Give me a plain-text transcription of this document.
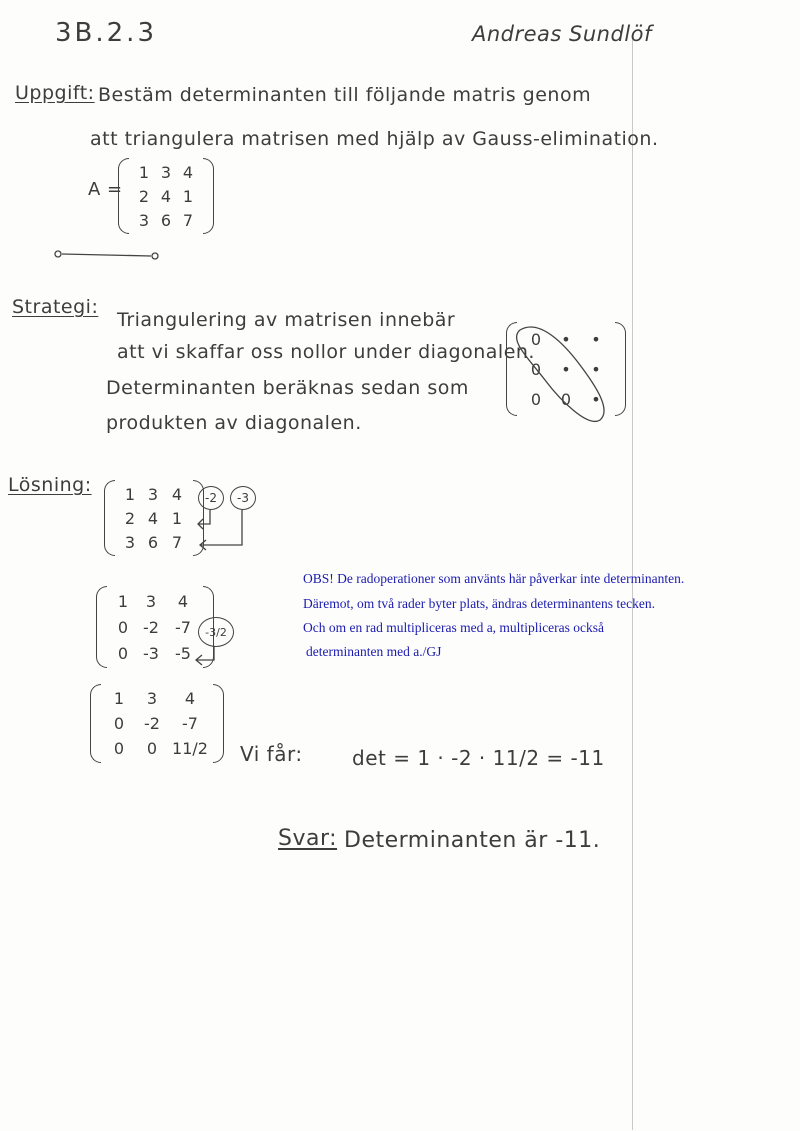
3B.2.3	Andreas Sundlöf
Uppgift: Bestäm determinanten till följande matris genom
att triangulera matrisen med hjälp av Gauss-elimination.
A =
1 3 4
2 4 1
3 6 7
Strategi:
Triangulering av matrisen innebär
att vi skaffar oss nollor under diagonalen.
Determinanten beräknas sedan som
produkten av diagonalen.
0	•	•
0	•	•
0	0	•
Lösning:	1 3 4
2 4 1
3 6 7
-2	-3
1	3	4
0 -2	-7
0 -3	-5
-3/2
1	3	4
0	-2	-7
0	0 11/2 Vi får: det = 1 · -2 · 11/2 = -11
OBS! De radoperationer som använts här påverkar inte determinanten.
Däremot, om två rader byter plats, ändras determinantens tecken.
Och om en rad multipliceras med a, multipliceras också
determinanten med a./GJ
Svar: Determinanten är -11.
